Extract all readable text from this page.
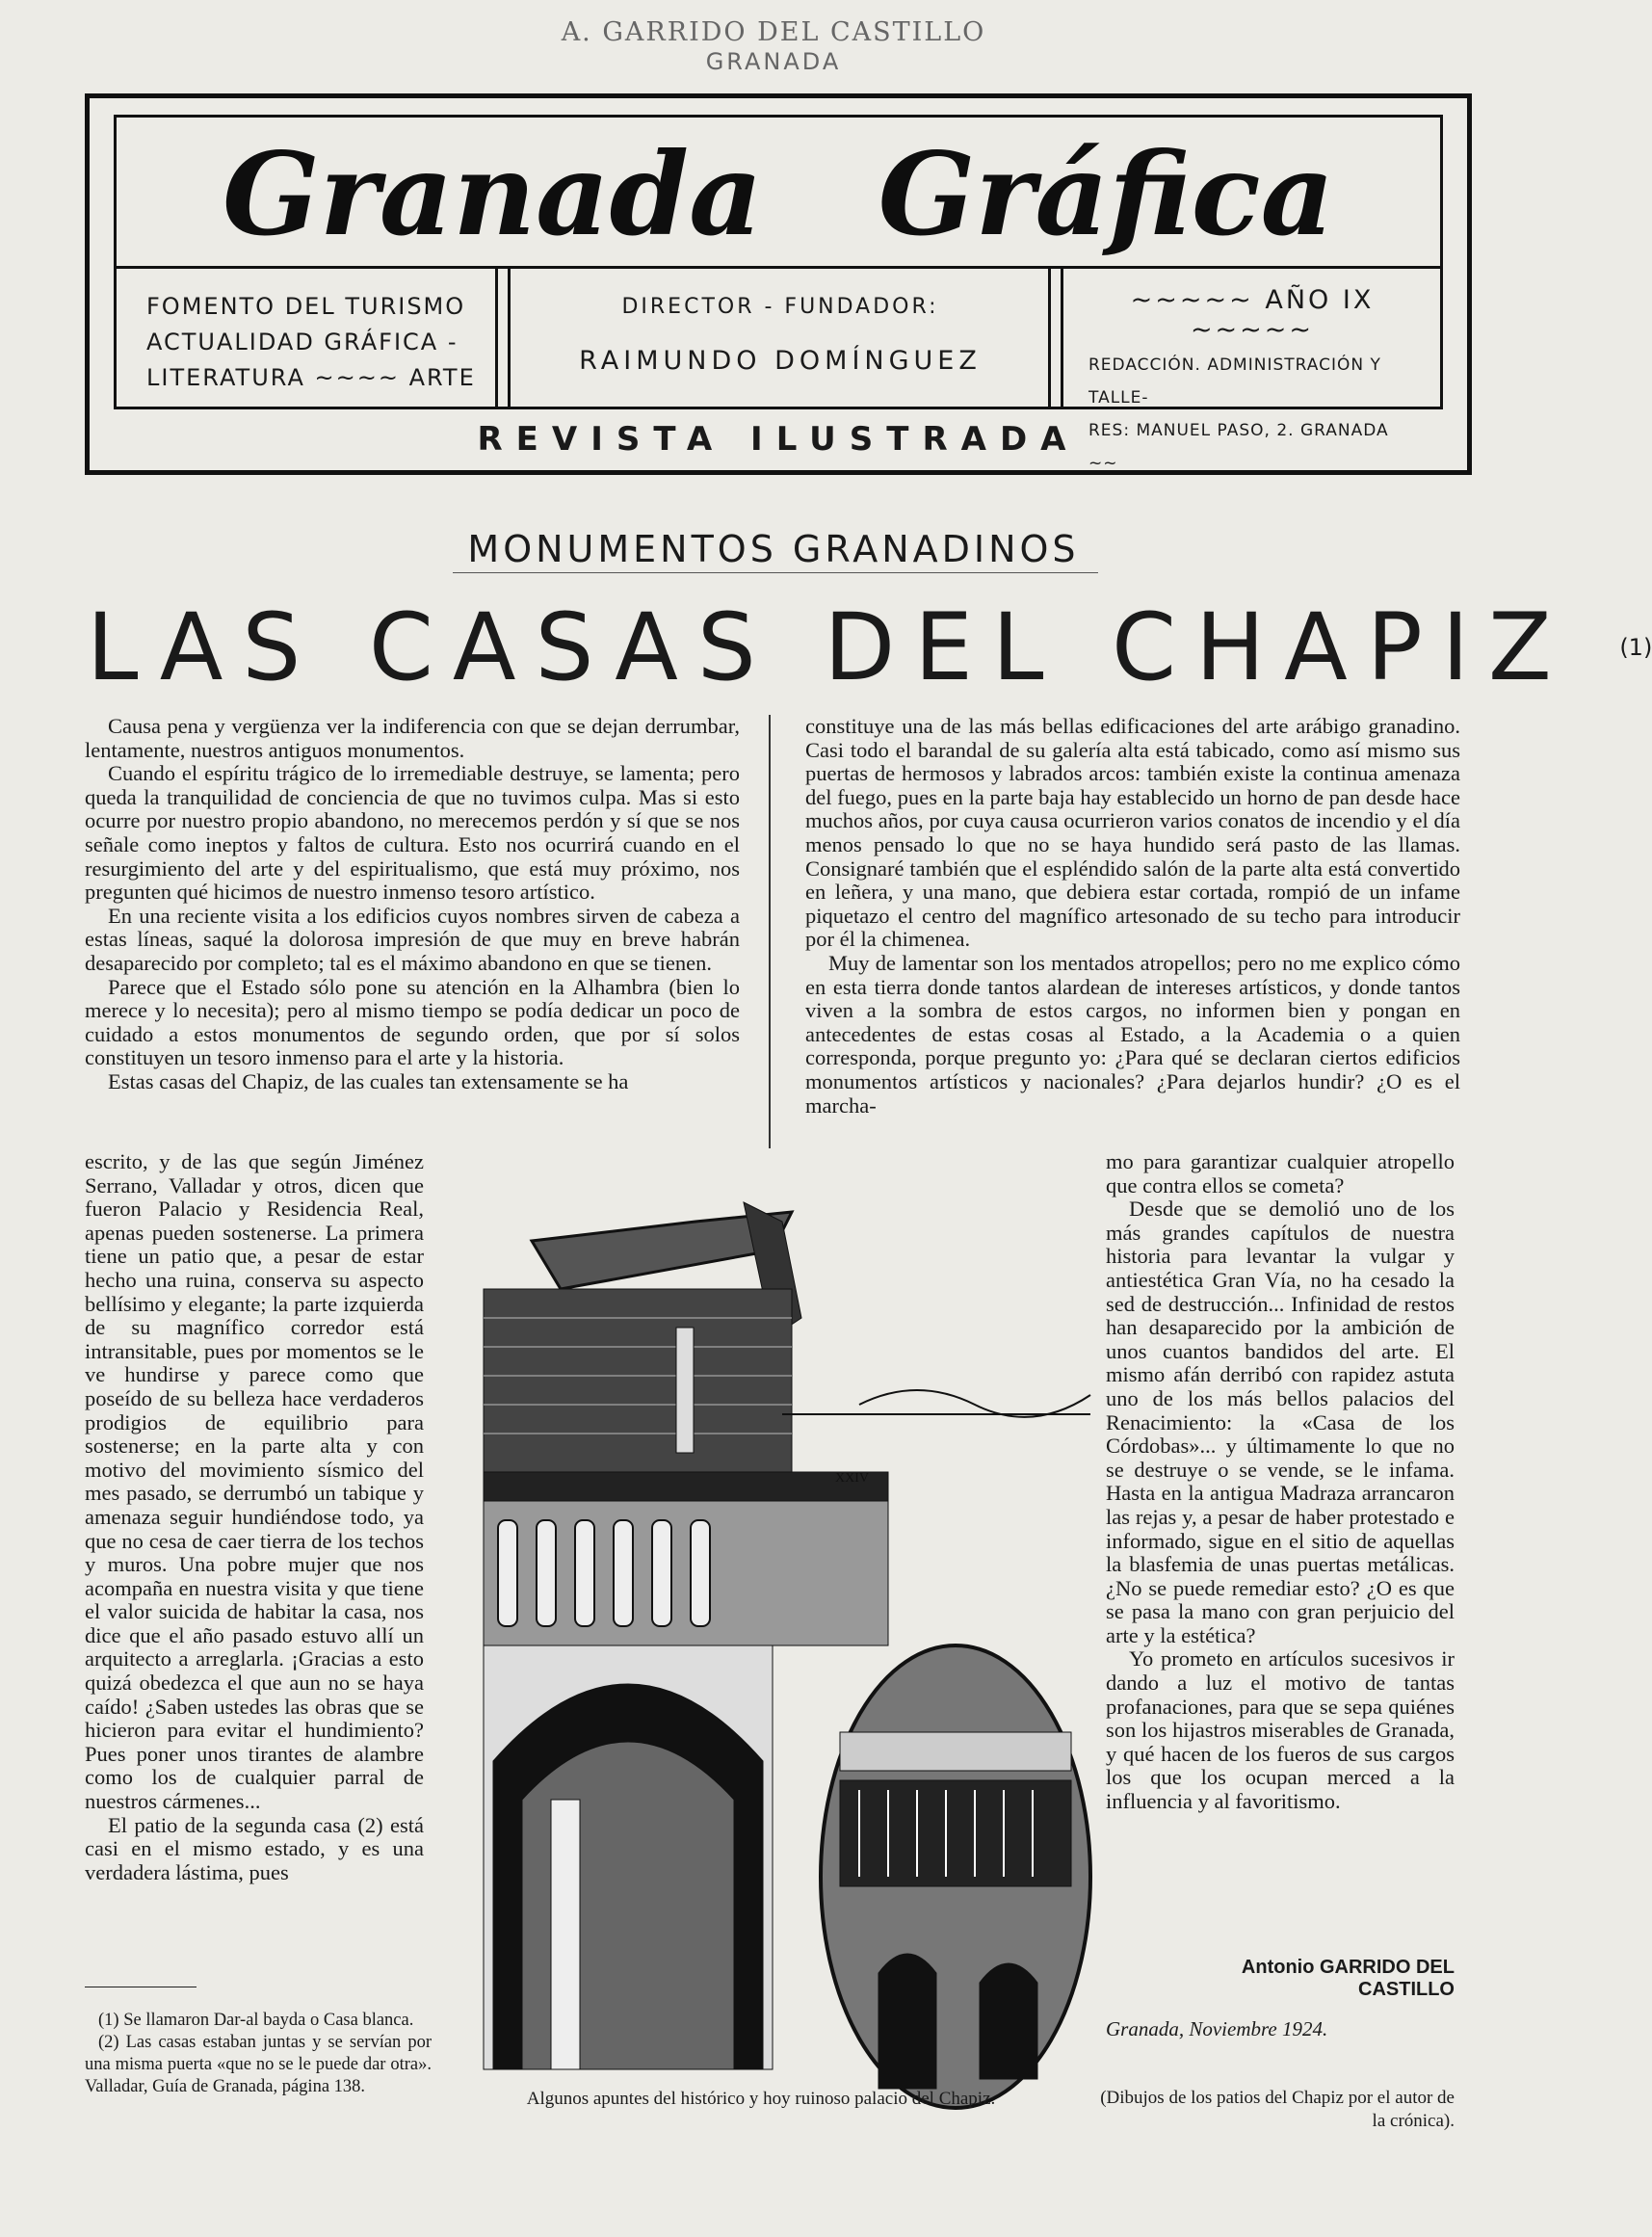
A. GARRIDO DEL CASTILLO
GRANADA
Granada Gráfica
FOMENTO DEL TURISMO
ACTUALIDAD GRÁFICA -
LITERATURA ~~~~ ARTE
DIRECTOR - FUNDADOR:
RAIMUNDO DOMÍNGUEZ
~~~~~ AÑO IX ~~~~~
REDACCIÓN. ADMINISTRACIÓN Y TALLE-
RES: MANUEL PASO, 2. GRANADA ~~
REVISTA ILUSTRADA
MONUMENTOS GRANADINOS
LAS CASAS DEL CHAPIZ $^{(1)}$

Causa pena y vergüenza ver la indiferencia con que se dejan derrumbar, lentamente, nuestros antiguos monumentos.

Cuando el espíritu trágico de lo irremediable destruye, se lamenta; pero queda la tranquilidad de conciencia de que no tuvimos culpa. Mas si esto ocurre por nuestro propio abandono, no merecemos perdón y sí que se nos señale como ineptos y faltos de cultura. Esto nos ocurrirá cuando en el resurgimiento del arte y del espiritualismo, que está muy próximo, nos pregunten qué hicimos de nuestro inmenso tesoro artístico.

En una reciente visita a los edificios cuyos nombres sirven de cabeza a estas líneas, saqué la dolorosa impresión de que muy en breve habrán desaparecido por completo; tal es el máximo abandono en que se tienen.

Parece que el Estado sólo pone su atención en la Alhambra (bien lo merece y lo necesita); pero al mismo tiempo se podía dedicar un poco de cuidado a estos monumentos de segundo orden, que por sí solos constituyen un tesoro inmenso para el arte y la historia.

Estas casas del Chapiz, de las cuales tan extensamente se ha

escrito, y de las que según Jiménez Serrano, Valladar y otros, dicen que fueron Palacio y Residencia Real, apenas pueden sostenerse. La primera tiene un patio que, a pesar de estar hecho una ruina, conserva su aspecto bellísimo y elegante; la parte izquierda de su magnífico corredor está intransitable, pues por momentos se le ve hundirse y parece como que poseído de su belleza hace verdaderos prodigios de equilibrio para sostenerse; en la parte alta y con motivo del movimiento sísmico del mes pasado, se derrumbó un tabique y amenaza seguir hundiéndose todo, ya que no cesa de caer tierra de los techos y muros. Una pobre mujer que nos acompaña en nuestra visita y que tiene el valor suicida de habitar la casa, nos dice que el año pasado estuvo allí un arquitecto a arreglarla. ¡Gracias a esto quizá obedezca el que aun no se haya caído! ¿Saben ustedes las obras que se hicieron para evitar el hundimiento? Pues poner unos tirantes de alambre como los de cualquier parral de nuestros cármenes...

El patio de la segunda casa (2) está casi en el mismo estado, y es una verdadera lástima, pues

constituye una de las más bellas edificaciones del arte arábigo granadino. Casi todo el barandal de su galería alta está tabicado, como así mismo sus puertas de hermosos y labrados arcos: también existe la continua amenaza del fuego, pues en la parte baja hay establecido un horno de pan desde hace muchos años, por cuya causa ocurrieron varios conatos de incendio y el día menos pensado lo que no se haya hundido será pasto de las llamas. Consignaré también que el espléndido salón de la parte alta está convertido en leñera, y una mano, que debiera estar cortada, rompió de un infame piquetazo el centro del magnífico artesonado de su techo para introducir por él la chimenea.

Muy de lamentar son los mentados atropellos; pero no me explico cómo en esta tierra donde tantos alardean de intereses artísticos, y donde tantos viven a la sombra de estos cargos, no informen bien y pongan en antecedentes de estas cosas al Estado, a la Academia o a quien corresponda, porque pregunto yo: ¿Para qué se declaran ciertos edificios monumentos artísticos y nacionales? ¿Para dejarlos hundir? ¿O es el marcha-

mo para garantizar cualquier atropello que contra ellos se cometa?

Desde que se demolió uno de los más grandes capítulos de nuestra historia para levantar la vulgar y antiestética Gran Vía, no ha cesado la sed de destrucción... Infinidad de restos han desaparecido por la ambición de unos cuantos bandidos del arte. El mismo afán derribó con rapidez astuta uno de los más bellos palacios del Renacimiento: la «Casa de los Córdobas»... y últimamente lo que no se destruye o se vende, se le infama. Hasta en la antigua Madraza arrancaron las rejas y, a pesar de haber protestado e informado, sigue en el sitio de aquellas la blasfemia de unas puertas metálicas. ¿No se puede remediar esto? ¿O es que se pasa la mano con gran perjuicio del arte y la estética?

Yo prometo en artículos sucesivos ir dando a luz el motivo de tantas profanaciones, para que se sepa quiénes son los hijastros miserables de Granada, y qué hacen de los fueros de sus cargos los que los ocupan merced a la influencia y al favoritismo.

XXIV
Algunos apuntes del histórico y hoy ruinoso palacio del Chapiz.

(1) Se llamaron Dar-al bayda o Casa blanca.

(2) Las casas estaban juntas y se servían por una misma puerta «que no se le puede dar otra». Valladar, Guía de Granada, página 138.

Antonio GARRIDO DEL CASTILLO
Granada, Noviembre 1924.
(Dibujos de los patios del Chapiz por el autor de la crónica).
